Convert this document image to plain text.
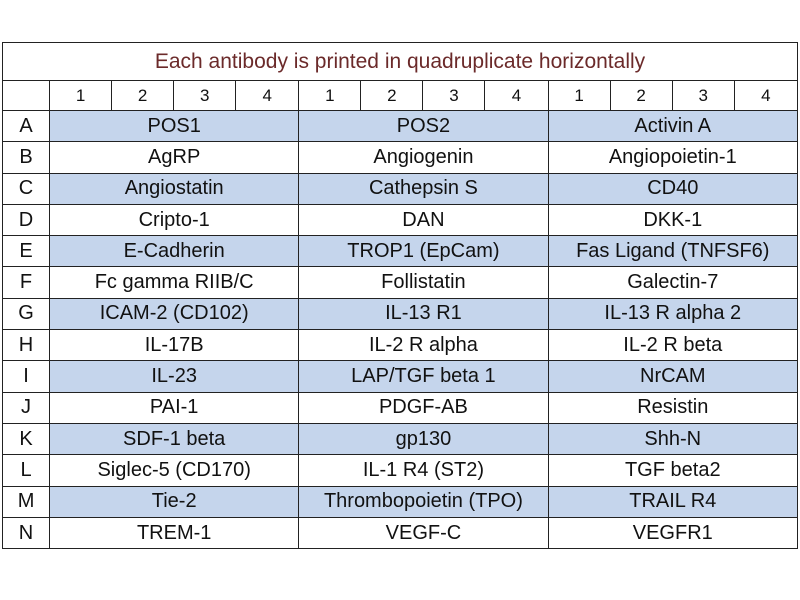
Each antibody is printed in quadruplicate horizontally												
	1	2	3	4	1	2	3	4	1	2	3	4
A	POS1				POS2				Activin A			
B	AgRP				Angiogenin				Angiopoietin-1			
C	Angiostatin				Cathepsin S				CD40			
D	Cripto-1				DAN				DKK-1			
E	E-Cadherin				TROP1 (EpCam)				Fas Ligand (TNFSF6)			
F	Fc gamma RIIB/C				Follistatin				Galectin-7			
G	ICAM-2 (CD102)				IL-13 R1				IL-13 R alpha 2			
H	IL-17B				IL-2 R alpha				IL-2 R beta			
I	IL-23				LAP/TGF beta 1				NrCAM			
J	PAI-1				PDGF-AB				Resistin			
K	SDF-1 beta				gp130				Shh-N			
L	Siglec-5 (CD170)				IL-1 R4 (ST2)				TGF beta2			
M	Tie-2				Thrombopoietin (TPO)				TRAIL R4			
N	TREM-1				VEGF-C				VEGFR1			
